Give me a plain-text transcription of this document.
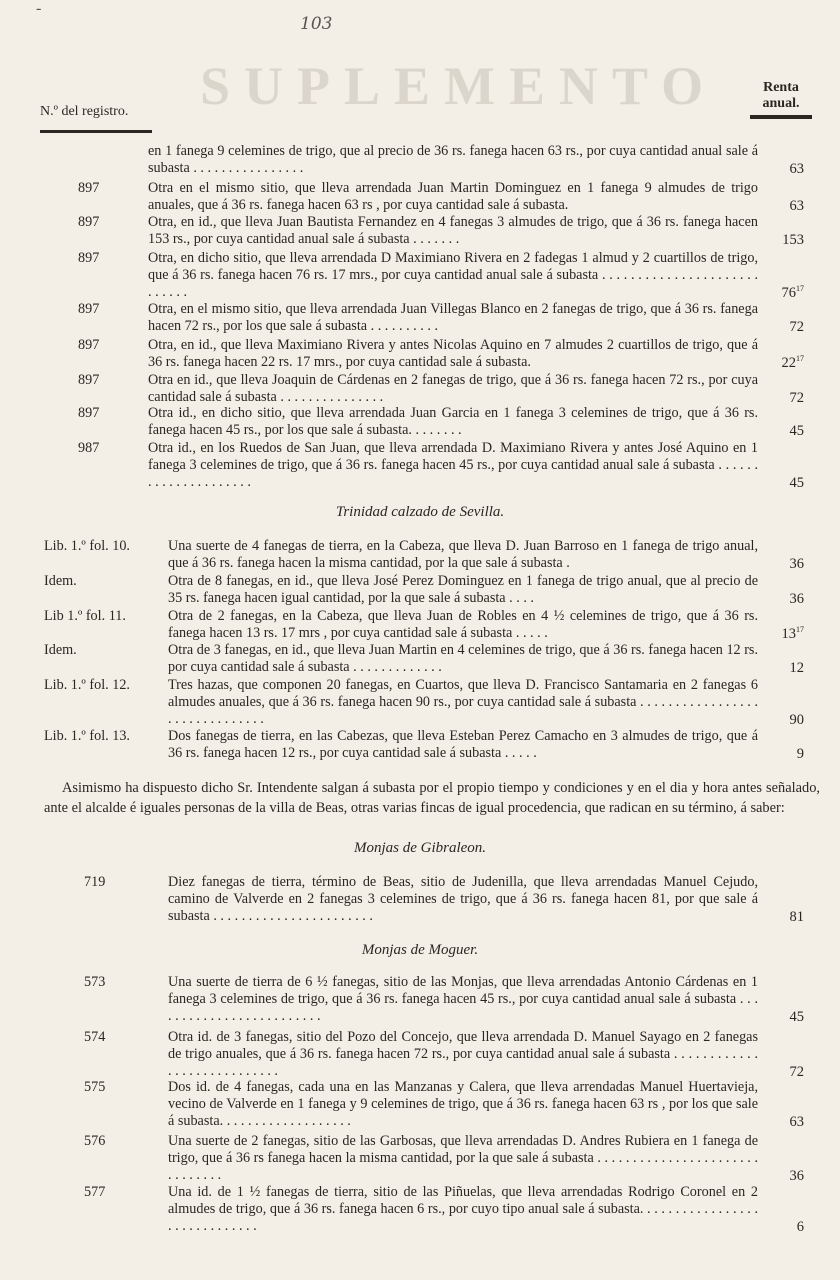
-
103
SUPLEMENTO
N.º del registro.
Renta
anual.
en 1 fanega 9 celemines de trigo, que al precio de 36 rs. fanega hacen 63 rs., por cuya cantidad anual sale á subasta . . . . . . . . . . . . . . . .	63
897	Otra en el mismo sitio, que lleva arrendada Juan Martin Dominguez en 1 fanega 9 almudes de trigo anuales, que á 36 rs. fanega hacen 63 rs , por cuya cantidad sale á subasta.	63
897	Otra, en id., que lleva Juan Bautista Fernandez en 4 fanegas 3 almudes de trigo, que á 36 rs. fanega hacen 153 rs., por cuya cantidad anual sale á subasta . . . . . . .	153
897	Otra, en dicho sitio, que lleva arrendada D Maximiano Rivera en 2 fadegas 1 almud y 2 cuartillos de trigo, que á 36 rs. fanega hacen 76 rs. 17 mrs., por cuya cantidad anual sale á subasta . . . . . . . . . . . . . . . . . . . . . . . . . . . .	$76^{17}$
897	Otra, en el mismo sitio, que lleva arrendada Juan Villegas Blanco en 2 fanegas de trigo, que á 36 rs. fanega hacen 72 rs., por los que sale á subasta . . . . . . . . . .	72
897	Otra, en id., que lleva Maximiano Rivera y antes Nicolas Aquino en 7 almudes 2 cuartillos de trigo, que á 36 rs. fanega hacen 22 rs. 17 mrs., por cuya cantidad sale á subasta.	$22^{17}$
897	Otra en id., que lleva Joaquin de Cárdenas en 2 fanegas de trigo, que á 36 rs. fanega hacen 72 rs., por cuya cantidad sale á subasta . . . . . . . . . . . . . . .	72
897	Otra id., en dicho sitio, que lleva arrendada Juan Garcia en 1 fanega 3 celemines de trigo, que á 36 rs. fanega hacen 45 rs., por los que sale á subasta. . . . . . . .	45
987	Otra id., en los Ruedos de San Juan, que lleva arrendada D. Maximiano Rivera y antes José Aquino en 1 fanega 3 celemines de trigo, que á 36 rs. fanega hacen 45 rs., por cuya cantidad anual sale á subasta . . . . . . . . . . . . . . . . . . . . .	45
Trinidad calzado de Sevilla.
Lib. 1.º fol. 10.	Una suerte de 4 fanegas de tierra, en la Cabeza, que lleva D. Juan Barroso en 1 fanega de trigo anual, que á 36 rs. fanega hacen la misma cantidad, por la que sale á subasta .	36
Idem.	Otra de 8 fanegas, en id., que lleva José Perez Dominguez en 1 fanega de trigo anual, que al precio de 35 rs. fanega hacen igual cantidad, por la que sale á subasta . . . .	36
Lib 1.º fol. 11.	Otra de 2 fanegas, en la Cabeza, que lleva Juan de Robles en 4 ½ celemines de trigo, que á 36 rs. fanega hacen 13 rs. 17 mrs , por cuya cantidad sale á subasta . . . . .	$13^{17}$
Idem.	Otra de 3 fanegas, en id., que lleva Juan Martin en 4 celemines de trigo, que á 36 rs. fanega hacen 12 rs. por cuya cantidad sale á subasta . . . . . . . . . . . . .	12
Lib. 1.º fol. 12.	Tres hazas, que componen 20 fanegas, en Cuartos, que lleva D. Francisco Santamaria en 2 fanegas 6 almudes anuales, que á 36 rs. fanega hacen 90 rs., por cuya cantidad sale á subasta . . . . . . . . . . . . . . . . . . . . . . . . . . . . . . .	90
Lib. 1.º fol. 13.	Dos fanegas de tierra, en las Cabezas, que lleva Esteban Perez Camacho en 3 almudes de trigo, que á 36 rs. fanega hacen 12 rs., por cuya cantidad sale á subasta . . . . .	9
Asimismo ha dispuesto dicho Sr. Intendente salgan á subasta por el propio tiempo y condiciones y en el dia y hora antes señalado, ante el alcalde é iguales personas de la villa de Beas, otras varias fincas de igual procedencia, que radican en su término, á saber:
Monjas de Gibraleon.
719	Diez fanegas de tierra, término de Beas, sitio de Judenilla, que lleva arrendadas Manuel Cejudo, camino de Valverde en 2 fanegas 3 celemines de trigo, que á 36 rs. fanega hacen 81, por que sale á subasta . . . . . . . . . . . . . . . . . . . . . . .	81
Monjas de Moguer.
573	Una suerte de tierra de 6 ½ fanegas, sitio de las Monjas, que lleva arrendadas Antonio Cárdenas en 1 fanega 3 celemines de trigo, que á 36 rs. fanega hacen 45 rs., por cuya cantidad anual sale á subasta . . . . . . . . . . . . . . . . . . . . . . . . .	45
574	Otra id. de 3 fanegas, sitio del Pozo del Concejo, que lleva arrendada D. Manuel Sayago en 2 fanegas de trigo anuales, que á 36 rs. fanega hacen 72 rs., por cuya cantidad anual sale á subasta . . . . . . . . . . . . . . . . . . . . . . . . . . . .	72
575	Dos id. de 4 fanegas, cada una en las Manzanas y Calera, que lleva arrendadas Manuel Huertavieja, vecino de Valverde en 1 fanega y 9 celemines de trigo, que á 36 rs. fanega hacen 63 rs , por los que sale á subasta. . . . . . . . . . . . . . . . . . .	63
576	Una suerte de 2 fanegas, sitio de las Garbosas, que lleva arrendadas D. Andres Rubiera en 1 fanega de trigo, que á 36 rs fanega hacen la misma cantidad, por la que sale á subasta . . . . . . . . . . . . . . . . . . . . . . . . . . . . . . .	36
577	Una id. de 1 ½ fanegas de tierra, sitio de las Piñuelas, que lleva arrendadas Rodrigo Coronel en 2 almudes de trigo, que á 36 rs. fanega hacen 6 rs., por cuyo tipo anual sale á subasta. . . . . . . . . . . . . . . . . . . . . . . . . . . . . .	6
